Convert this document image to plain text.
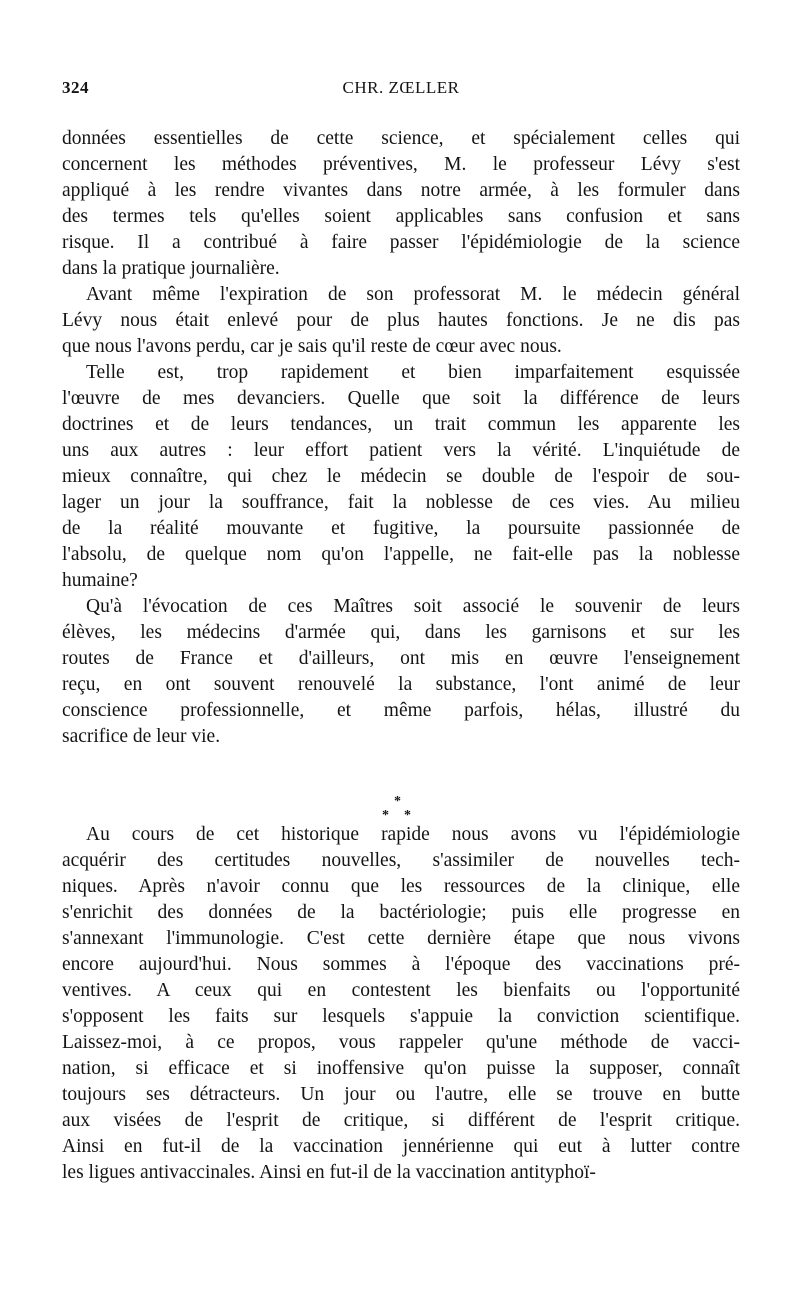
324	CHR. ZŒLLER
données essentielles de cette science, et spécialement celles qui
concernent les méthodes préventives, M. le professeur Lévy s'est
appliqué à les rendre vivantes dans notre armée, à les formuler dans
des termes tels qu'elles soient applicables sans confusion et sans
risque. Il a contribué à faire passer l'épidémiologie de la science
dans la pratique journalière.
Avant même l'expiration de son professorat M. le médecin général
Lévy nous était enlevé pour de plus hautes fonctions. Je ne dis pas
que nous l'avons perdu, car je sais qu'il reste de cœur avec nous.
Telle est, trop rapidement et bien imparfaitement esquissée
l'œuvre de mes devanciers. Quelle que soit la différence de leurs
doctrines et de leurs tendances, un trait commun les apparente les
uns aux autres : leur effort patient vers la vérité. L'inquiétude de
mieux connaître, qui chez le médecin se double de l'espoir de sou-
lager un jour la souffrance, fait la noblesse de ces vies. Au milieu
de la réalité mouvante et fugitive, la poursuite passionnée de
l'absolu, de quelque nom qu'on l'appelle, ne fait-elle pas la noblesse
humaine?
Qu'à l'évocation de ces Maîtres soit associé le souvenir de leurs
élèves, les médecins d'armée qui, dans les garnisons et sur les
routes de France et d'ailleurs, ont mis en œuvre l'enseignement
reçu, en ont souvent renouvelé la substance, l'ont animé de leur
conscience professionnelle, et même parfois, hélas, illustré du
sacrifice de leur vie.
*
* *
Au cours de cet historique rapide nous avons vu l'épidémiologie
acquérir des certitudes nouvelles, s'assimiler de nouvelles tech-
niques. Après n'avoir connu que les ressources de la clinique, elle
s'enrichit des données de la bactériologie; puis elle progresse en
s'annexant l'immunologie. C'est cette dernière étape que nous vivons
encore aujourd'hui. Nous sommes à l'époque des vaccinations pré-
ventives. A ceux qui en contestent les bienfaits ou l'opportunité
s'opposent les faits sur lesquels s'appuie la conviction scientifique.
Laissez-moi, à ce propos, vous rappeler qu'une méthode de vacci-
nation, si efficace et si inoffensive qu'on puisse la supposer, connaît
toujours ses détracteurs. Un jour ou l'autre, elle se trouve en butte
aux visées de l'esprit de critique, si différent de l'esprit critique.
Ainsi en fut-il de la vaccination jennérienne qui eut à lutter contre
les ligues antivaccinales. Ainsi en fut-il de la vaccination antityphoï-
